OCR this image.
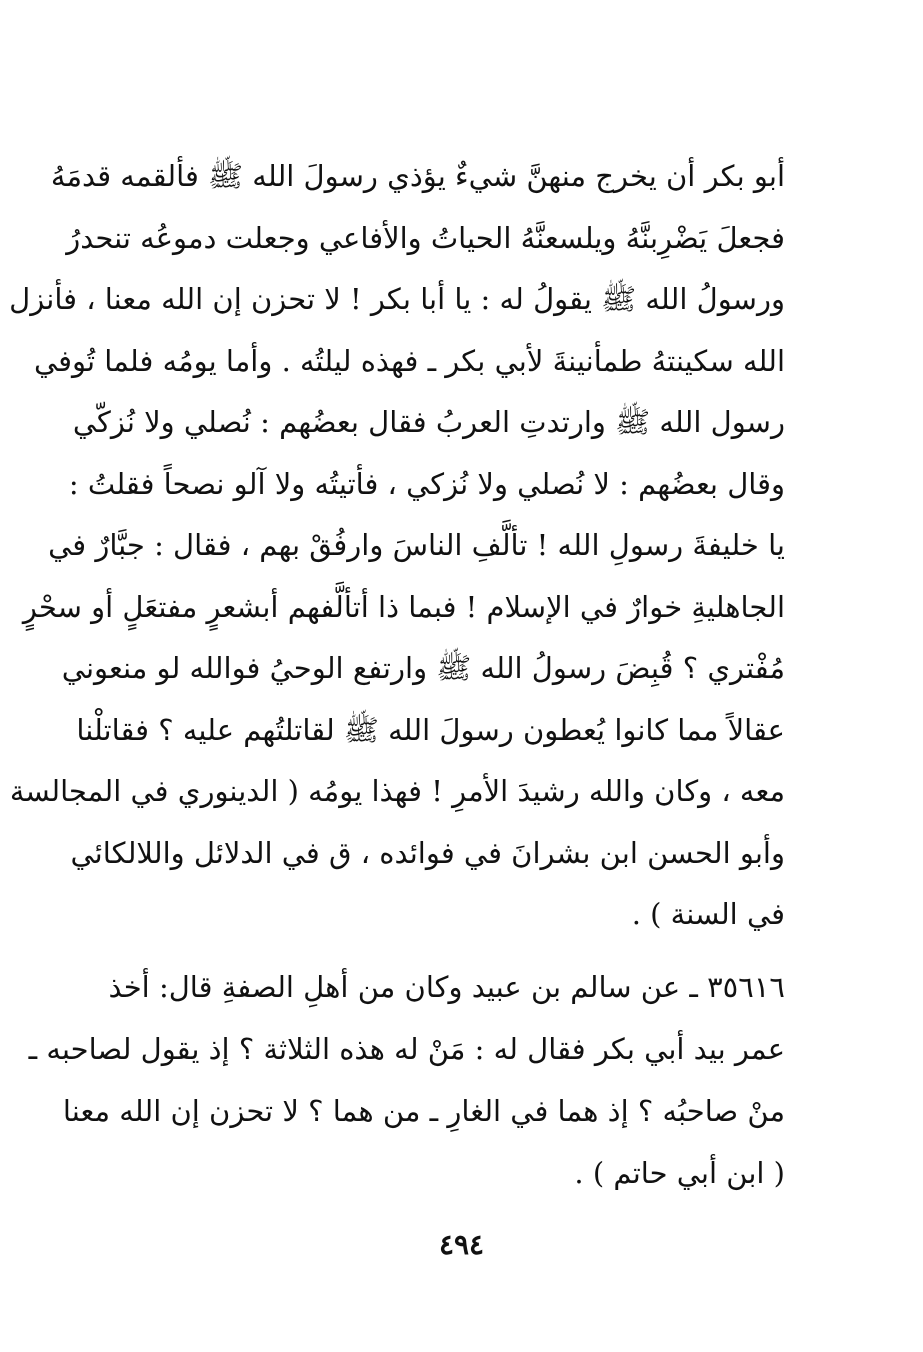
أبو بكر أن يخرج منهنَّ شيءٌ يؤذي رسولَ الله ﷺ فألقمه قدمَهُ
فجعلَ يَضْرِبنَّهُ ويلسعنَّهُ الحياتُ والأفاعي وجعلت دموعُه تنحدرُ
ورسولُ الله ﷺ يقولُ له : يا أبا بكر ! لا تحزن إن الله معنا ، فأنزل
الله سكينتهُ طمأنينةَ لأبي بكر ـ فهذه ليلتُه . وأما يومُه فلما تُوفي
رسول الله ﷺ وارتدتِ العربُ فقال بعضُهم : نُصلي ولا نُزكّي
وقال بعضُهم : لا نُصلي ولا نُزكي ، فأتيتُه ولا آلو نصحاً فقلتُ :
يا خليفةَ رسولِ الله ! تألَّفِ الناسَ وارفُقْ بهم ، فقال : جبَّارٌ في
الجاهليةِ خوارٌ في الإسلام ! فبما ذا أتألَّفهم أبشعرٍ مفتعَلٍ أو سحْرٍ
مُفْتري ؟ قُبِضَ رسولُ الله ﷺ وارتفع الوحيُ فوالله لو منعوني
عقالاً مما كانوا يُعطون رسولَ الله ﷺ لقاتلتُهم عليه ؟ فقاتلْنا
معه ، وكان والله رشيدَ الأمرِ ! فهذا يومُه ( الدينوري في المجالسة
وأبو الحسن ابن بشرانَ في فوائده ، ق في الدلائل واللالكائي
في السنة ) .
٣٥٦١٦ ـ عن سالم بن عبيد وكان من أهلِ الصفةِ قال: أخذ
عمر بيد أبي بكر فقال له : مَنْ له هذه الثلاثة ؟ إذ يقول لصاحبه ـ
منْ صاحبُه ؟ إذ هما في الغارِ ـ من هما ؟ لا تحزن إن الله معنا
( ابن أبي حاتم ) .
٤٩٤
